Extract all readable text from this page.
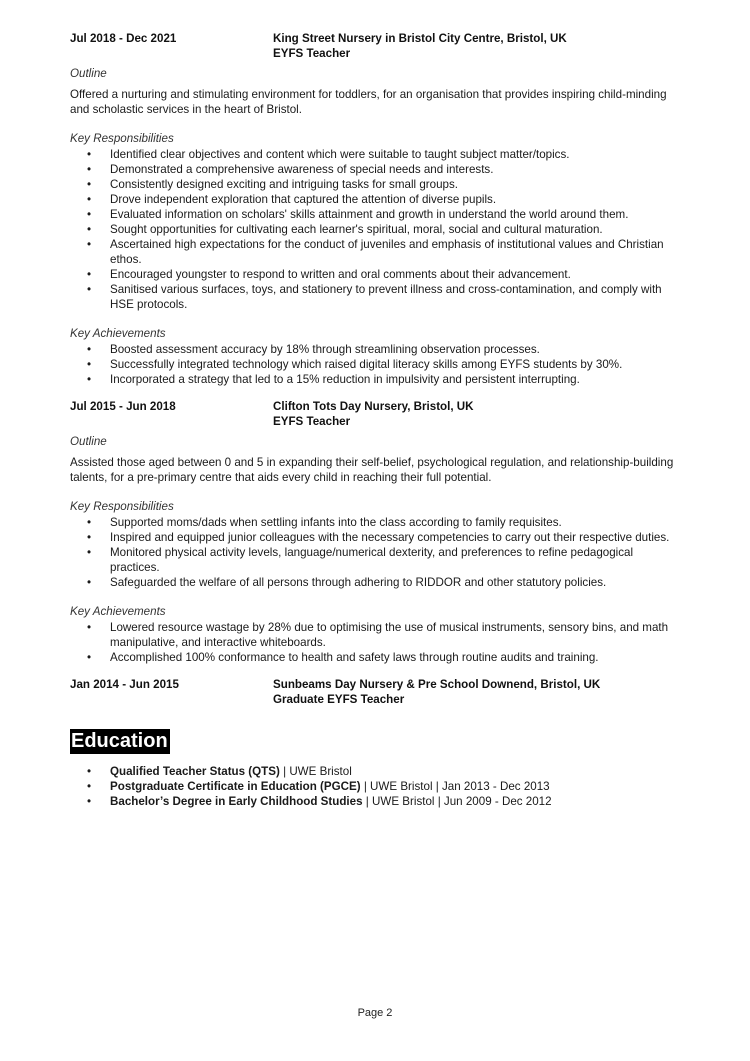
Jul 2018 - Dec 2021	King Street Nursery in Bristol City Centre, Bristol, UK
EYFS Teacher
Outline
Offered a nurturing and stimulating environment for toddlers, for an organisation that provides inspiring child-minding and scholastic services in the heart of Bristol.
Key Responsibilities
• Identified clear objectives and content which were suitable to taught subject matter/topics.
• Demonstrated a comprehensive awareness of special needs and interests.
• Consistently designed exciting and intriguing tasks for small groups.
• Drove independent exploration that captured the attention of diverse pupils.
• Evaluated information on scholars' skills attainment and growth in understand the world around them.
• Sought opportunities for cultivating each learner's spiritual, moral, social and cultural maturation.
• Ascertained high expectations for the conduct of juveniles and emphasis of institutional values and Christian ethos.
• Encouraged youngster to respond to written and oral comments about their advancement.
• Sanitised various surfaces, toys, and stationery to prevent illness and cross-contamination, and comply with HSE protocols.
Key Achievements
• Boosted assessment accuracy by 18% through streamlining observation processes.
• Successfully integrated technology which raised digital literacy skills among EYFS students by 30%.
• Incorporated a strategy that led to a 15% reduction in impulsivity and persistent interrupting.
Jul 2015 - Jun 2018	Clifton Tots Day Nursery, Bristol, UK
EYFS Teacher
Outline
Assisted those aged between 0 and 5 in expanding their self-belief, psychological regulation, and relationship-building talents, for a pre-primary centre that aids every child in reaching their full potential.
Key Responsibilities
• Supported moms/dads when settling infants into the class according to family requisites.
• Inspired and equipped junior colleagues with the necessary competencies to carry out their respective duties.
• Monitored physical activity levels, language/numerical dexterity, and preferences to refine pedagogical practices.
• Safeguarded the welfare of all persons through adhering to RIDDOR and other statutory policies.
Key Achievements
• Lowered resource wastage by 28% due to optimising the use of musical instruments, sensory bins, and math manipulative, and interactive whiteboards.
• Accomplished 100% conformance to health and safety laws through routine audits and training.
Jan 2014 - Jun 2015	Sunbeams Day Nursery & Pre School Downend, Bristol, UK
Graduate EYFS Teacher
Education
• Qualified Teacher Status (QTS) | UWE Bristol
• Postgraduate Certificate in Education (PGCE) | UWE Bristol | Jan 2013 - Dec 2013
• Bachelor’s Degree in Early Childhood Studies | UWE Bristol | Jun 2009 - Dec 2012
Page 2
